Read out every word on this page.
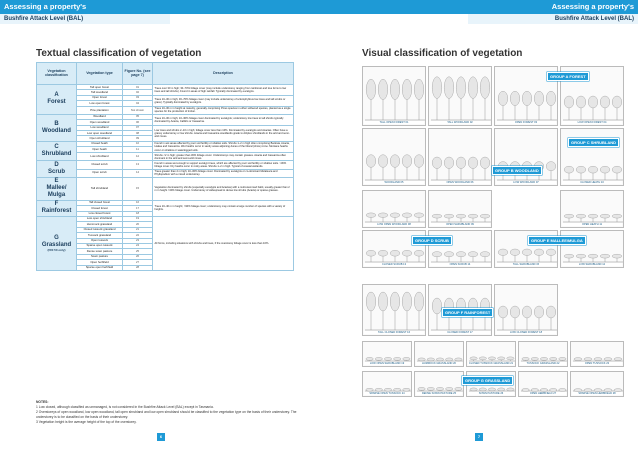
Assessing a property's
Bushfire Attack Level (BAL)
Assessing a property's
Bushfire Attack Level (BAL)
Textual classification of vegetation	Visual classification of vegetation
Vegetation classification	Vegetation type	Figure No. (see page 7)	Description

A
Forest	Tall open forest	01	Trees over 30 m high; 30–70% foliage cover (may include understorey ranging from rainforest and tree ferns to low trees and tall shrubs). Found in areas of high rainfall. Typically dominated by eucalypts.
	Tall woodland	02	
	Open forest	03	Trees 10–30 m high; 30–70% foliage cover (may include understorey of sclerophyllous low trees and tall scrubs or grass). Typically dominated by eucalypts.
	Low open forest	04	
	Pine plantation	Not shown	Trees 10–30 m in height at maturity, generally comprising Pinus species in either softwood species, planted as a single species for the production of timber.

B
Woodland	Woodland	05	Trees 10–30 m high; 10–30% foliage cover dominated by eucalypts; understorey low trees to tall shrubs typically dominated by Acacia, Callitris or Casuarina.
	Open woodland	06	
	Low woodland	07	Low trees and shrubs 2–10 m high; foliage cover less than 10%. Dominated by eucalypts and Acacias. Often have a grassy understorey or low shrubs. Acacia and Casuarina woodlands grade to Atriplex shrublands in the arid and semi-arid zones.
	Low open woodland	08	
	Open shrubland	09	

C
Shrubland	Closed heath	10	Found in wet areas affected by poor soil fertility or shallow soils. Shrubs 1–2 m high often comprising Banksia, Acacia, Hakea and Casuarina. Wet heaths occur in sandy areas adjoining dunes of the littoral (shore) zone. Montane heaths occur on shallow or waterlogged soils.
	Open heath	11	
	Low shrubland	12	Shrubs <2 m high; greater than 30% foliage cover. Understoreys may contain grasses. Acacia and Casuarina often dominant in the arid and semi-arid zones.

D
Scrub	Closed scrub	13	Found in areas wet enough to support eucalypt trees, which are affected by poor soil fertility or shallow soils. >30% foliage cover. Dry heaths occur in rocky areas. Shrubs 1–2 m high. Typical of coastal wetlands.
	Open scrub	14	Trees greater than 2 m high; 10–30% foliage cover. Dominated by eucalypts or co-dominant Melaleuca and Phyllopodium with a mixed understorey.

E
Mallee/ Mulga	Tall shrubland	15	Vegetation dominated by shrubs (especially eucalypts and Acacias) with a multi-stemmed habit, usually greater than 2 m in height >30% foliage cover. Understorey of widespread to dense low shrubs (Acacia) or sparse grasses.

F
Rainforest	Tall closed forest	16	Trees 10–40 m in height; >90% foliage cover; understorey may contain a large number of species with a variety of heights.
	Closed forest	17	
	Low closed forest	18	

G
Grassland
(FDI 50 only)	Low open shrubland	19	All forms, including situations with shrubs and trees, if the overstorey foliage cover is less than 10%.
	Hummock grassland	20	
	Closed tussock grassland	21	
	Tussock grassland	22	
	Open tussock	23	
	Sparse open tussock	24	
	Dense sown pasture	25	
	Sown pasture	26	
	Open herbfield	27	
	Sparse open herbfield	28	
NOTES:
1 Low closed, although classified as unmanaged, is not considered in the Bushfire Attack Level (BAL) except in Tasmania.
2 Overstoreys of open woodland, low open woodland, tall open shrubland and low open shrubland should be classified to the vegetation type on the basis of their understorey. The understorey is to be classified on the basis of their understorey.
3 Vegetation height is the average height of the top of the overstorey.
6	7
TALL OPEN FOREST 01	TALL WOODLAND 02	OPEN FOREST 03	LOW OPEN FOREST 04
WOODLAND 05	OPEN WOODLAND 06	LOW WOODLAND 07	CLOSED HEATH 10
LOW OPEN WOODLAND 08	OPEN SHRUBLAND 09	OPEN HEATH 11
CLOSED SCRUB 13	OPEN SCRUB 14	TALL SHRUBLAND 15	LOW SHRUBLAND 12
TALL CLOSED FOREST 16	CLOSED FOREST 17	LOW CLOSED FOREST 18
LOW OPEN SHRUBLAND 19	HUMMOCK GRASSLAND 20	CLOSED TUSSOCK GRASSLAND 21	TUSSOCK GRASSLAND 22	OPEN TUSSOCK 23
SPARSE OPEN TUSSOCK 24	DENSE SOWN PASTURE 25	SOWN PASTURE 26	OPEN HERBFIELD 27	SPARSE OPEN HERBFIELD 28
GROUP A FOREST
GROUP C SHRUBLAND
GROUP B WOODLAND
GROUP D SCRUB	GROUP E MALLEE/MULGA
GROUP F RAINFOREST
GROUP G GRASSLAND
